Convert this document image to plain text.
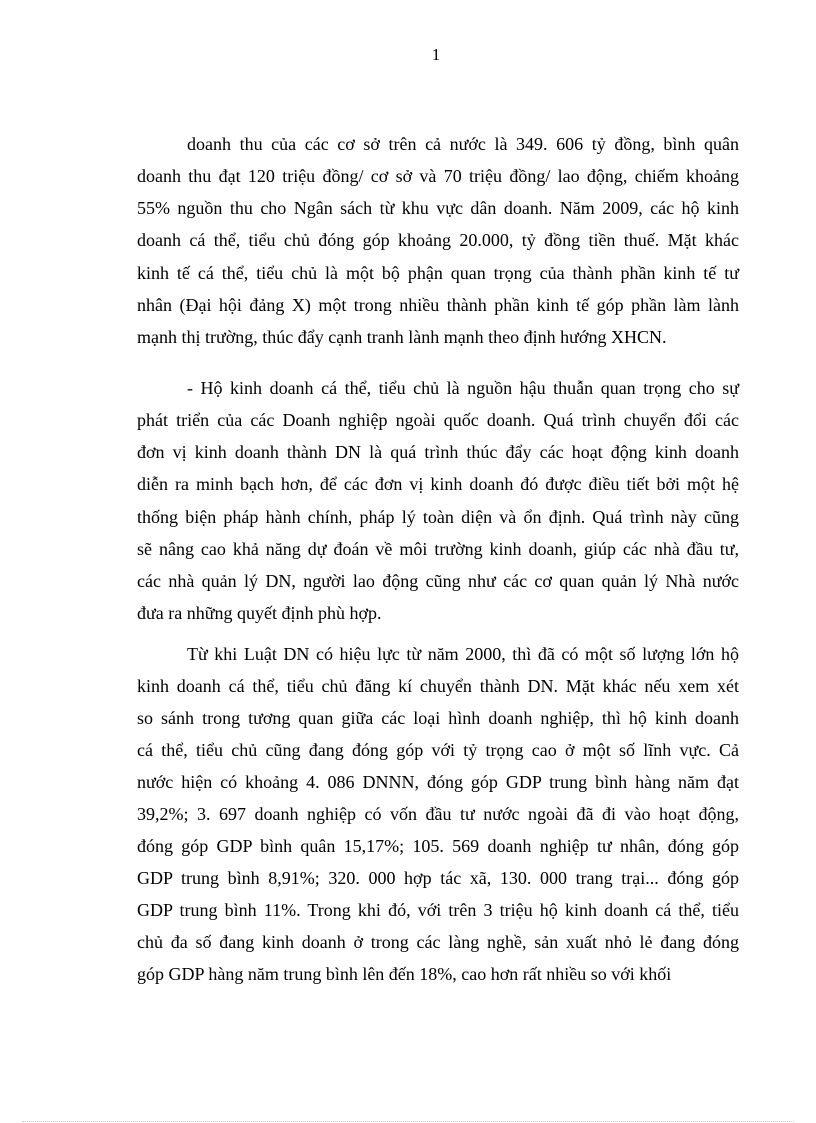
1
doanh thu của các cơ sở trên cả nước là 349. 606 tỷ đồng, bình quân
doanh thu đạt 120 triệu đồng/ cơ sở và 70 triệu đồng/ lao động, chiếm khoảng
55% nguồn thu cho Ngân sách từ khu vực dân doanh. Năm 2009, các hộ kinh
doanh cá thể, tiểu chủ đóng góp khoảng 20.000, tỷ đồng tiền thuế. Mặt khác
kinh tế cá thể, tiểu chủ là một bộ phận quan trọng của thành phần kinh tế tư
nhân (Đại hội đảng X) một trong nhiều thành phần kinh tế góp phần làm lành
mạnh thị trường, thúc đẩy cạnh tranh lành mạnh theo định hướng XHCN.
- Hộ kinh doanh cá thể, tiểu chủ là nguồn hậu thuẫn quan trọng cho sự
phát triển của các Doanh nghiệp ngoài quốc doanh. Quá trình chuyển đổi các
đơn vị kinh doanh thành DN là quá trình thúc đẩy các hoạt động kinh doanh
diễn ra minh bạch hơn, để các đơn vị kinh doanh đó được điều tiết bởi một hệ
thống biện pháp hành chính, pháp lý toàn diện và ổn định. Quá trình này cũng
sẽ nâng cao khả năng dự đoán về môi trường kinh doanh, giúp các nhà đầu tư,
các nhà quản lý DN, người lao động cũng như các cơ quan quản lý Nhà nước
đưa ra những quyết định phù hợp.
Từ khi Luật DN có hiệu lực từ năm 2000, thì đã có một số lượng lớn hộ
kinh doanh cá thể, tiểu chủ đăng kí chuyển thành DN. Mặt khác nếu xem xét
so sánh trong tương quan giữa các loại hình doanh nghiệp, thì hộ kinh doanh
cá thể, tiểu chủ cũng đang đóng góp với tỷ trọng cao ở một số lĩnh vực. Cả
nước hiện có khoảng 4. 086 DNNN, đóng góp GDP trung bình hàng năm đạt
39,2%; 3. 697 doanh nghiệp có vốn đầu tư nước ngoài đã đi vào hoạt động,
đóng góp GDP bình quân 15,17%; 105. 569 doanh nghiệp tư nhân, đóng góp
GDP trung bình 8,91%; 320. 000 hợp tác xã, 130. 000 trang trại... đóng góp
GDP trung bình 11%. Trong khi đó, với trên 3 triệu hộ kinh doanh cá thể, tiểu
chủ đa số đang kinh doanh ở trong các làng nghề, sản xuất nhỏ lẻ đang đóng
góp GDP hàng năm trung bình lên đến 18%, cao hơn rất nhiều so với khối
